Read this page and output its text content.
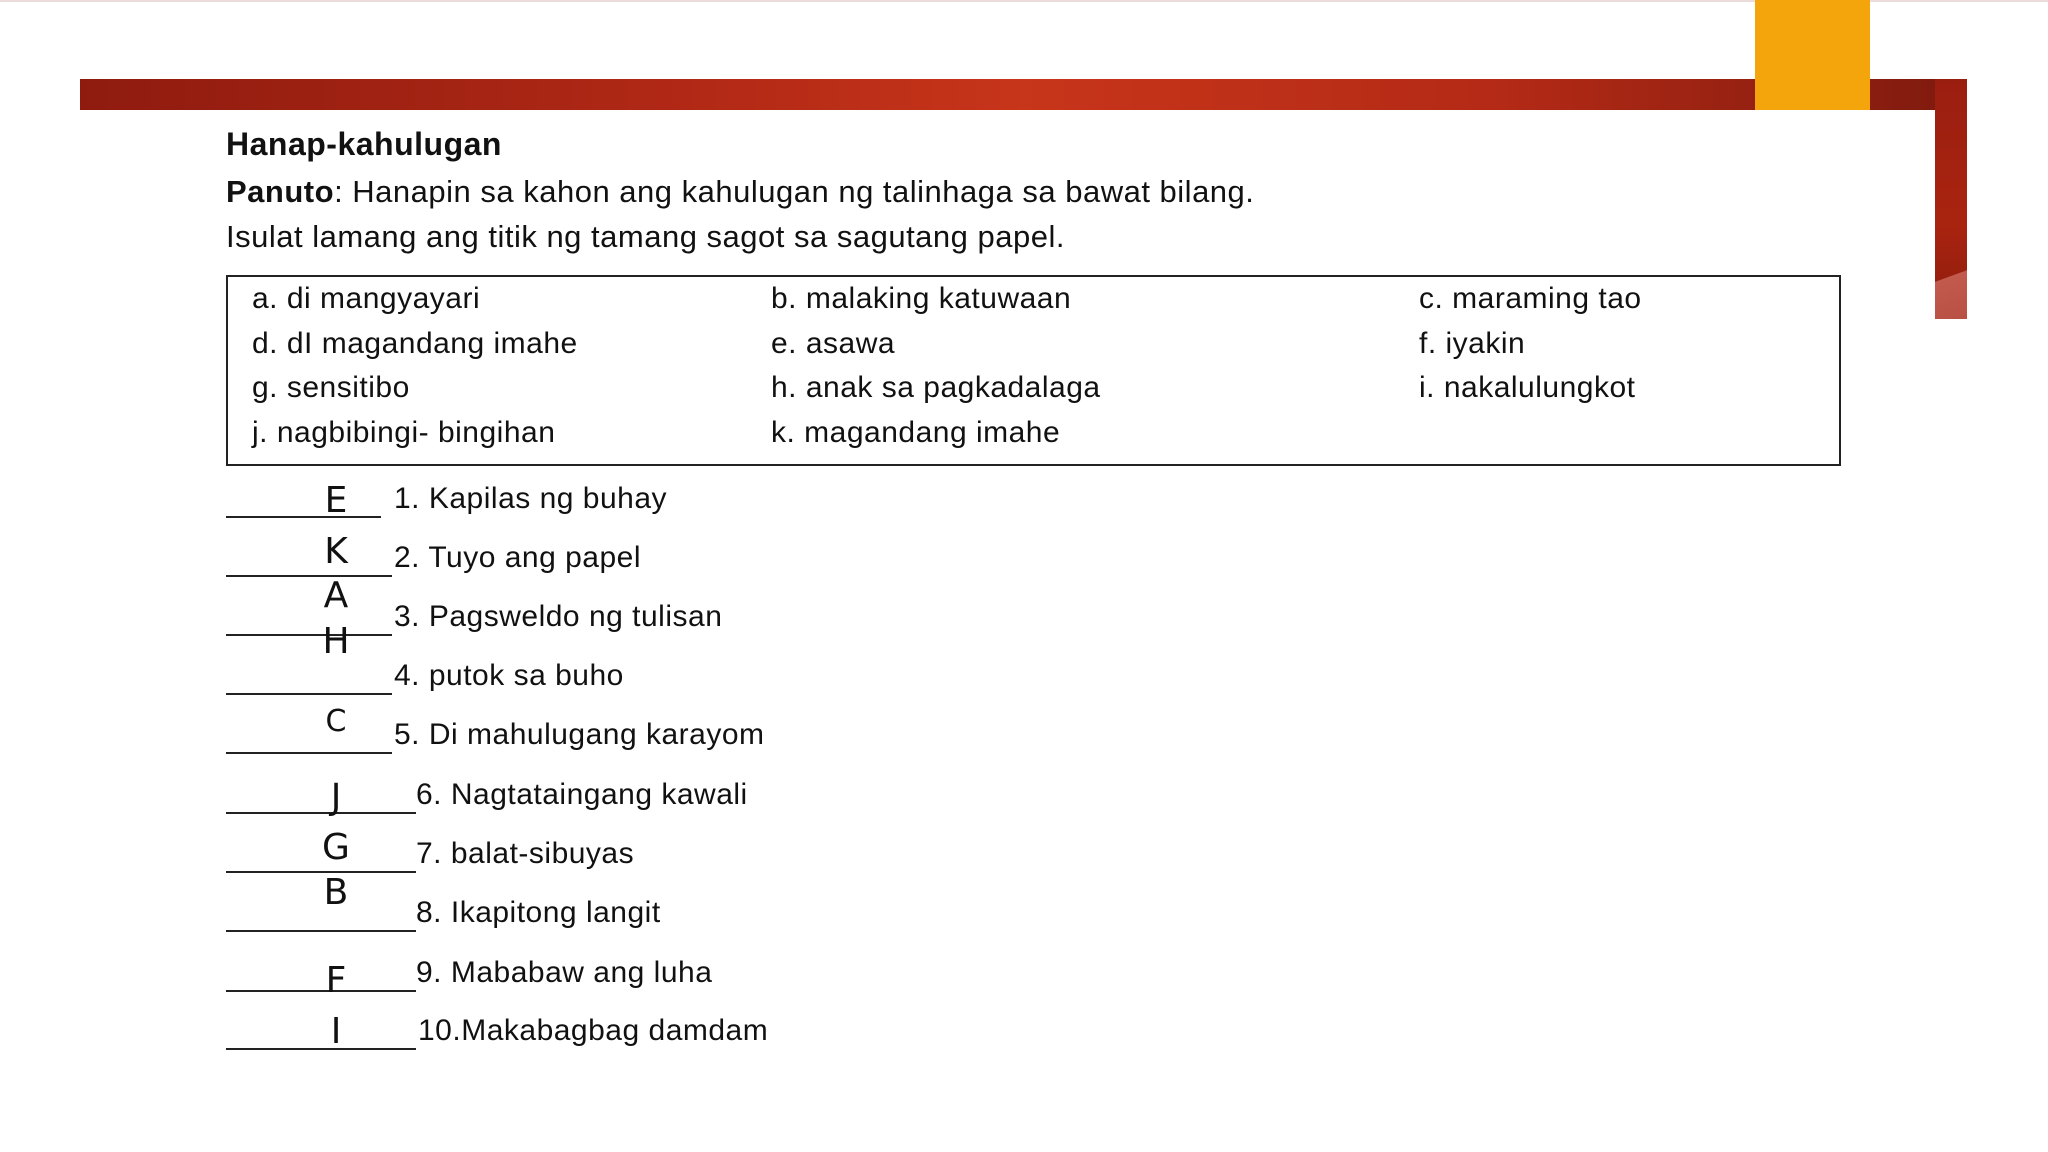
Hanap-kahulugan
Panuto: Hanapin sa kahon ang kahulugan ng talinhaga sa bawat bilang.
Isulat lamang ang titik ng tamang sagot sa sagutang papel.
a. di mangyayari	b. malaking katuwaan	c. maraming tao
d. dI magandang imahe	e. asawa	f. iyakin
g. sensitibo	h. anak sa pagkadalaga	i. nakalulungkot
j. nagbibingi- bingihan	k. magandang imahe
E 1. Kapilas ng buhay
K 2. Tuyo ang papel
A
3. Pagsweldo ng tulisan
H
4. putok sa buho
C	5. Di mahulugang karayom
J	6. Nagtataingang kawali
G 7. balat-sibuyas
B 8. Ikapitong langit
F	9. Mababaw ang luha
I	10.Makabagbag damdam
